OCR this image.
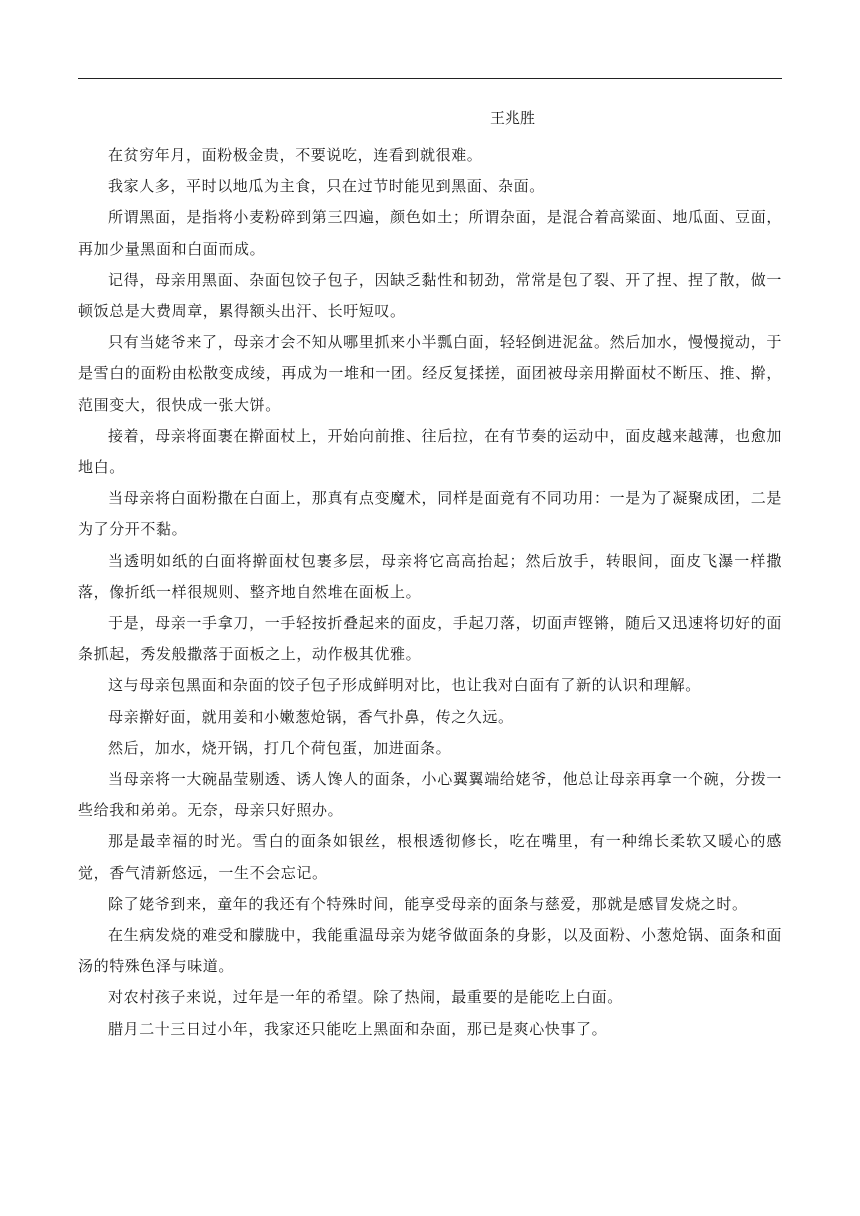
王兆胜

在贫穷年月，面粉极金贵，不要说吃，连看到就很难。

我家人多，平时以地瓜为主食，只在过节时能见到黑面、杂面。

所谓黑面，是指将小麦粉碎到第三四遍，颜色如土；所谓杂面，是混合着高粱面、地瓜面、豆面，再加少量黑面和白面而成。

记得，母亲用黑面、杂面包饺子包子，因缺乏黏性和韧劲，常常是包了裂、开了捏、捏了散，做一顿饭总是大费周章，累得额头出汗、长吁短叹。

只有当姥爷来了，母亲才会不知从哪里抓来小半瓢白面，轻轻倒进泥盆。然后加水，慢慢搅动，于是雪白的面粉由松散变成绫，再成为一堆和一团。经反复揉搓，面团被母亲用擀面杖不断压、推、擀，范围变大，很快成一张大饼。

接着，母亲将面裹在擀面杖上，开始向前推、往后拉，在有节奏的运动中，面皮越来越薄，也愈加地白。

当母亲将白面粉撒在白面上，那真有点变魔术，同样是面竟有不同功用：一是为了凝聚成团，二是为了分开不黏。

当透明如纸的白面将擀面杖包裹多层，母亲将它高高抬起；然后放手，转眼间，面皮飞瀑一样撒落，像折纸一样很规则、整齐地自然堆在面板上。

于是，母亲一手拿刀，一手轻按折叠起来的面皮，手起刀落，切面声铿锵，随后又迅速将切好的面条抓起，秀发般撒落于面板之上，动作极其优雅。

这与母亲包黑面和杂面的饺子包子形成鲜明对比，也让我对白面有了新的认识和理解。

母亲擀好面，就用姜和小嫩葱炝锅，香气扑鼻，传之久远。

然后，加水，烧开锅，打几个荷包蛋，加进面条。

当母亲将一大碗晶莹剔透、诱人馋人的面条，小心翼翼端给姥爷，他总让母亲再拿一个碗，分拨一些给我和弟弟。无奈，母亲只好照办。

那是最幸福的时光。雪白的面条如银丝，根根透彻修长，吃在嘴里，有一种绵长柔软又暖心的感觉，香气清新悠远，一生不会忘记。

除了姥爷到来，童年的我还有个特殊时间，能享受母亲的面条与慈爱，那就是感冒发烧之时。

在生病发烧的难受和朦胧中，我能重温母亲为姥爷做面条的身影，以及面粉、小葱炝锅、面条和面汤的特殊色泽与味道。

对农村孩子来说，过年是一年的希望。除了热闹，最重要的是能吃上白面。

腊月二十三日过小年，我家还只能吃上黑面和杂面，那已是爽心快事了。
